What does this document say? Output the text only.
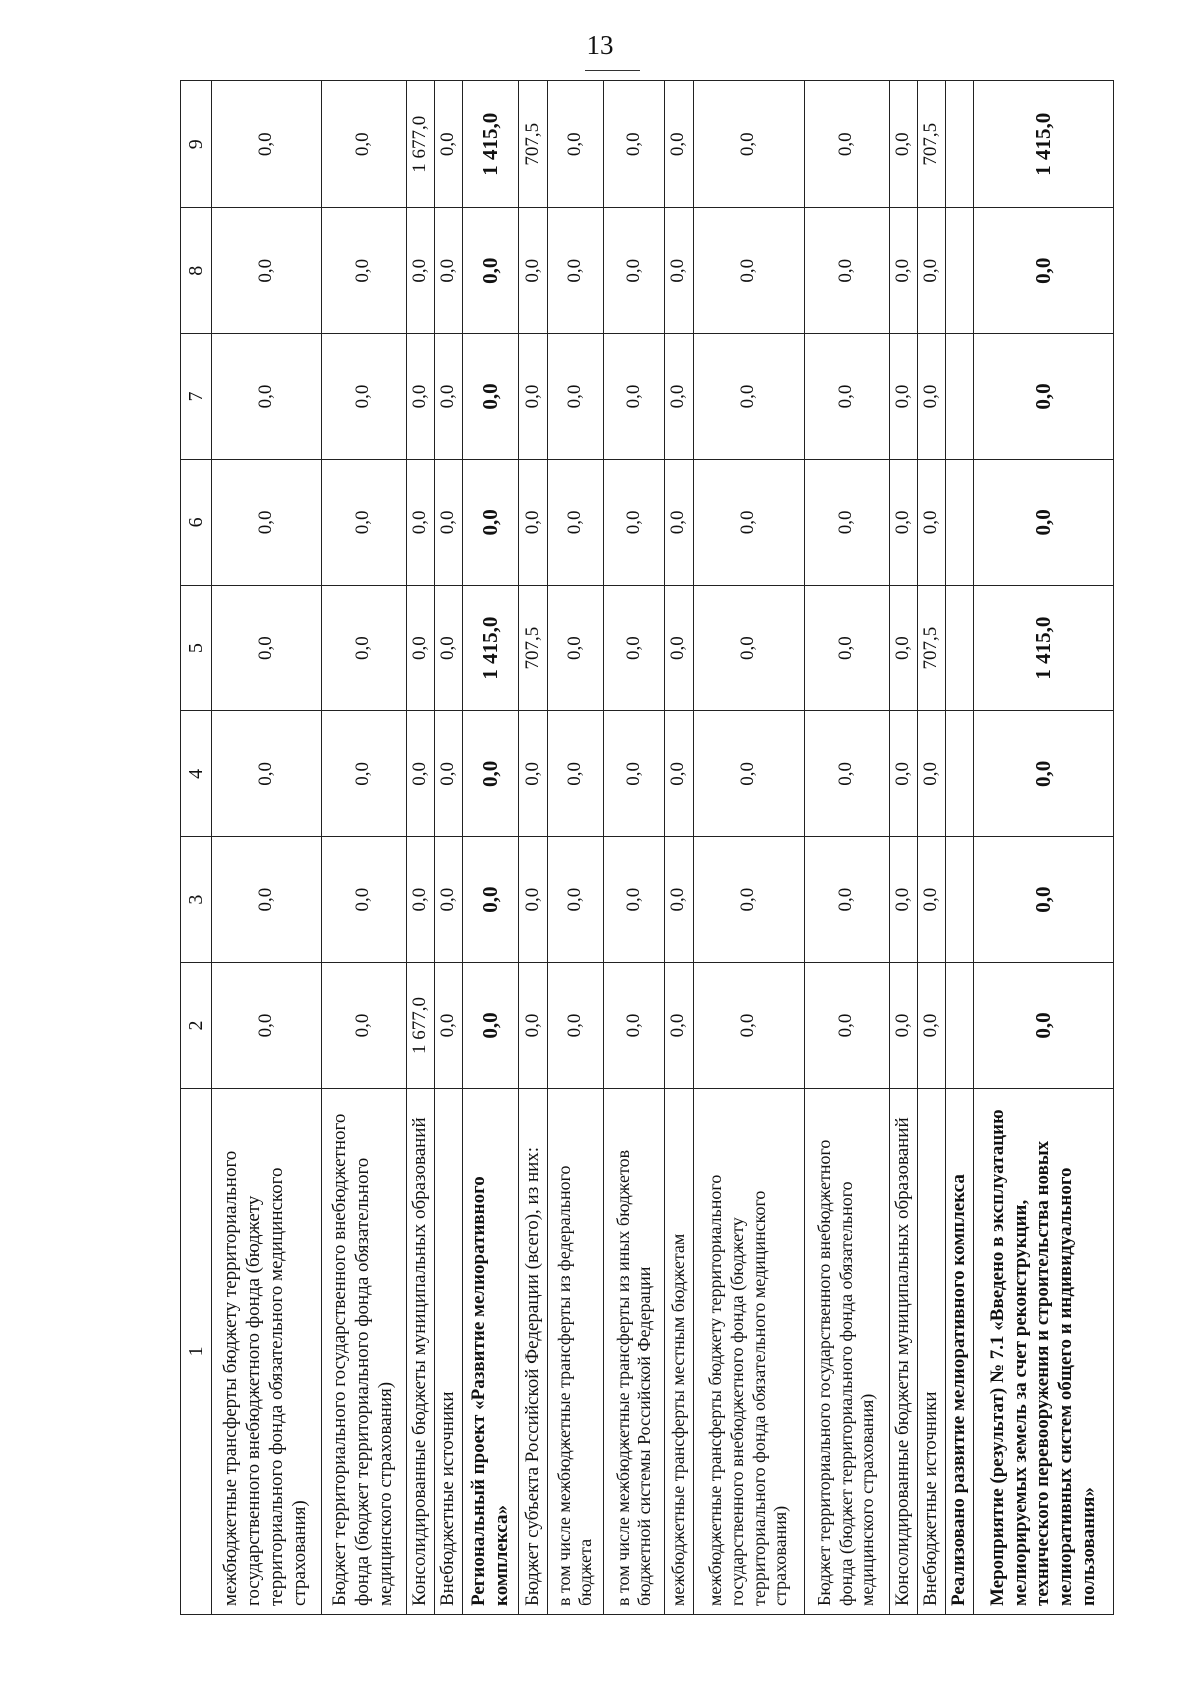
13
1	2	3	4	5	6	7	8	9
межбюджетные трансферты бюджету территориального государственного внебюджетного фонда (бюджету территориального фонда обязательного медицинского страхования)	0,0	0,0	0,0	0,0	0,0	0,0	0,0	0,0
Бюджет территориального государственного внебюджетного фонда (бюджет территориального фонда обязательного медицинского страхования)	0,0	0,0	0,0	0,0	0,0	0,0	0,0	0,0
Консолидированные бюджеты муниципальных образований	1 677,0	0,0	0,0	0,0	0,0	0,0	0,0	1 677,0
Внебюджетные источники	0,0	0,0	0,0	0,0	0,0	0,0	0,0	0,0
Региональный проект «Развитие мелиоративного комплекса»	0,0	0,0	0,0	1 415,0	0,0	0,0	0,0	1 415,0
Бюджет субъекта Российской Федерации (всего), из них:	0,0	0,0	0,0	707,5	0,0	0,0	0,0	707,5
в том числе межбюджетные трансферты из федерального бюджета	0,0	0,0	0,0	0,0	0,0	0,0	0,0	0,0
в том числе межбюджетные трансферты из иных бюджетов бюджетной системы Российской Федерации	0,0	0,0	0,0	0,0	0,0	0,0	0,0	0,0
межбюджетные трансферты местным бюджетам	0,0	0,0	0,0	0,0	0,0	0,0	0,0	0,0
межбюджетные трансферты бюджету территориального государственного внебюджетного фонда (бюджету территориального фонда обязательного медицинского страхования)	0,0	0,0	0,0	0,0	0,0	0,0	0,0	0,0
Бюджет территориального государственного внебюджетного фонда (бюджет территориального фонда обязательного медицинского страхования)	0,0	0,0	0,0	0,0	0,0	0,0	0,0	0,0
Консолидированные бюджеты муниципальных образований	0,0	0,0	0,0	0,0	0,0	0,0	0,0	0,0
Внебюджетные источники	0,0	0,0	0,0	707,5	0,0	0,0	0,0	707,5
Реализовано развитие мелиоративного комплекса								
Мероприятие (результат) № 7.1 «Введено в эксплуатацию мелиорируемых земель за счет реконструкции, технического перевооружения и строительства новых мелиоративных систем общего и индивидуального пользования»	0,0	0,0	0,0	1 415,0	0,0	0,0	0,0	1 415,0
